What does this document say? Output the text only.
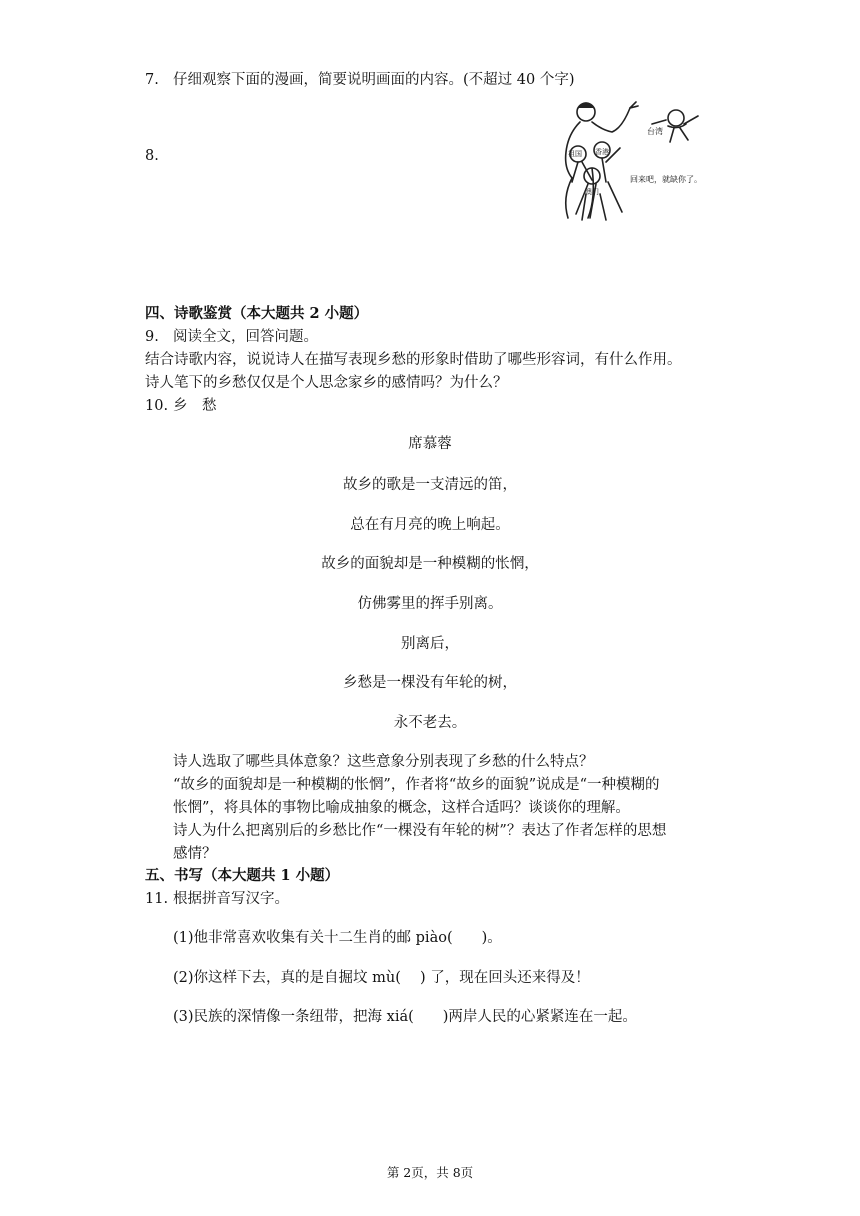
7. 仔细观察下面的漫画，简要说明画面的内容。(不超过 40 个字)
8.
台湾
祖国 香港
澳门
回来吧，就缺你了。
四、诗歌鉴赏（本大题共 2 小题）
9. 阅读全文，回答问题。
结合诗歌内容，说说诗人在描写表现乡愁的形象时借助了哪些形容词，有什么作用。
诗人笔下的乡愁仅仅是个人思念家乡的感情吗？为什么？
10. 乡　愁
席慕蓉
故乡的歌是一支清远的笛，
总在有月亮的晚上响起。
故乡的面貌却是一种模糊的怅惘，
仿佛雾里的挥手别离。
别离后，
乡愁是一棵没有年轮的树，
永不老去。
诗人选取了哪些具体意象？这些意象分别表现了乡愁的什么特点？
“故乡的面貌却是一种模糊的怅惘”，作者将“故乡的面貌”说成是“一种模糊的
怅惘”，将具体的事物比喻成抽象的概念，这样合适吗？谈谈你的理解。
诗人为什么把离别后的乡愁比作“一棵没有年轮的树”？表达了作者怎样的思想
感情？
五、书写（本大题共 1 小题）
11. 根据拼音写汉字。
(1)他非常喜欢收集有关十二生肖的邮 piào(　　)。
(2)你这样下去，真的是自掘坟 mù(　 ) 了，现在回头还来得及！
(3)民族的深情像一条纽带，把海 xiá(　　)两岸人民的心紧紧连在一起。
第 2页，共 8页
